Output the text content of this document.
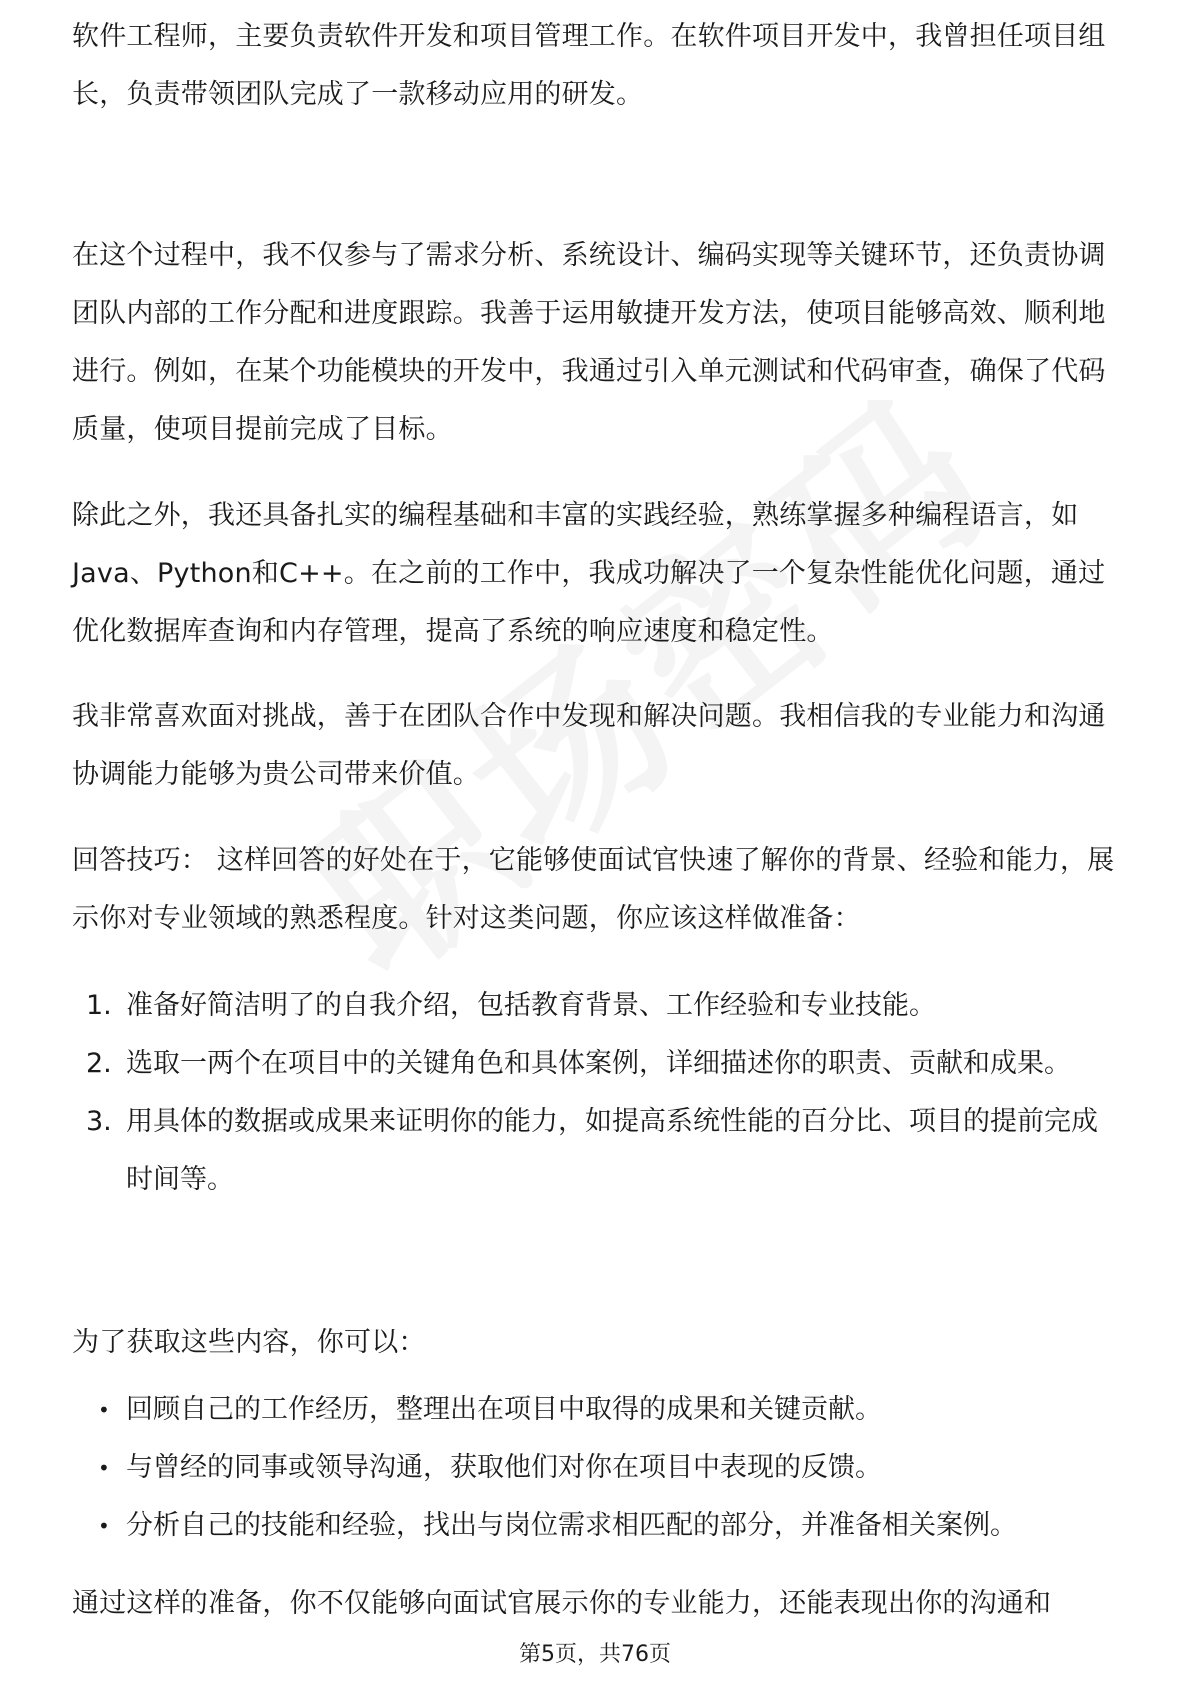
软件工程师，主要负责软件开发和项目管理工作。在软件项目开发中，我曾担任项目组长，负责带领团队完成了一款移动应用的研发。

在这个过程中，我不仅参与了需求分析、系统设计、编码实现等关键环节，还负责协调团队内部的工作分配和进度跟踪。我善于运用敏捷开发方法，使项目能够高效、顺利地进行。例如，在某个功能模块的开发中，我通过引入单元测试和代码审查，确保了代码质量，使项目提前完成了目标。

除此之外，我还具备扎实的编程基础和丰富的实践经验，熟练掌握多种编程语言，如Java、Python和C++。在之前的工作中，我成功解决了一个复杂性能优化问题，通过优化数据库查询和内存管理，提高了系统的响应速度和稳定性。

我非常喜欢面对挑战，善于在团队合作中发现和解决问题。我相信我的专业能力和沟通协调能力能够为贵公司带来价值。

回答技巧： 这样回答的好处在于，它能够使面试官快速了解你的背景、经验和能力，展示你对专业领域的熟悉程度。针对这类问题，你应该这样做准备：

1. 准备好简洁明了的自我介绍，包括教育背景、工作经验和专业技能。
2. 选取一两个在项目中的关键角色和具体案例，详细描述你的职责、贡献和成果。
3. 用具体的数据或成果来证明你的能力，如提高系统性能的百分比、项目的提前完成时间等。

为了获取这些内容，你可以：

• 回顾自己的工作经历，整理出在项目中取得的成果和关键贡献。
• 与曾经的同事或领导沟通，获取他们对你在项目中表现的反馈。
• 分析自己的技能和经验，找出与岗位需求相匹配的部分，并准备相关案例。

通过这样的准备，你不仅能够向面试官展示你的专业能力，还能表现出你的沟通和

第5页，共76页
